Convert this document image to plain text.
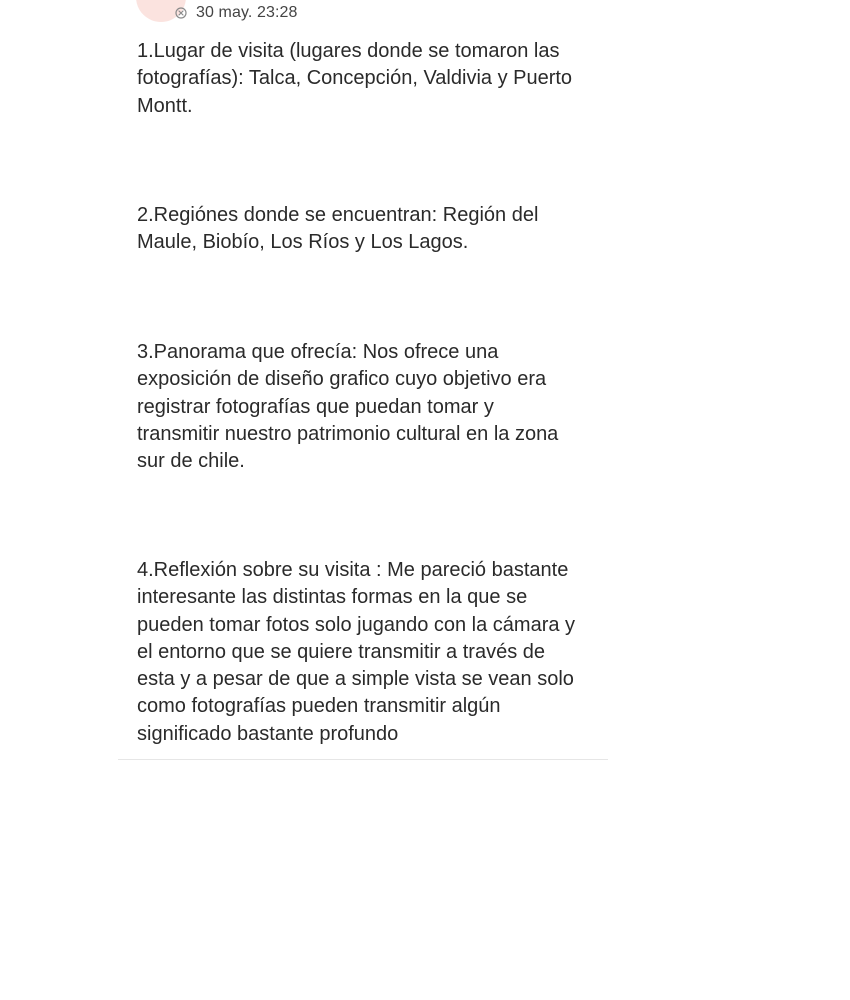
30 may. 23:28

1.Lugar de visita (lugares donde se tomaron las fotografías): Talca, Concepción, Valdivia y Puerto Montt.

2.Regiónes donde se encuentran: Región del Maule, Biobío, Los Ríos y Los Lagos.

3.Panorama que ofrecía: Nos ofrece una exposición de diseño grafico cuyo objetivo era registrar fotografías que puedan tomar y transmitir nuestro patrimonio cultural en la zona sur de chile.

4.Reflexión sobre su visita : Me pareció bastante interesante las distintas formas en la que se pueden tomar fotos solo jugando con la cámara y el entorno que se quiere transmitir a través de esta y a pesar de que a simple vista se vean solo como fotografías pueden transmitir algún significado bastante profundo
